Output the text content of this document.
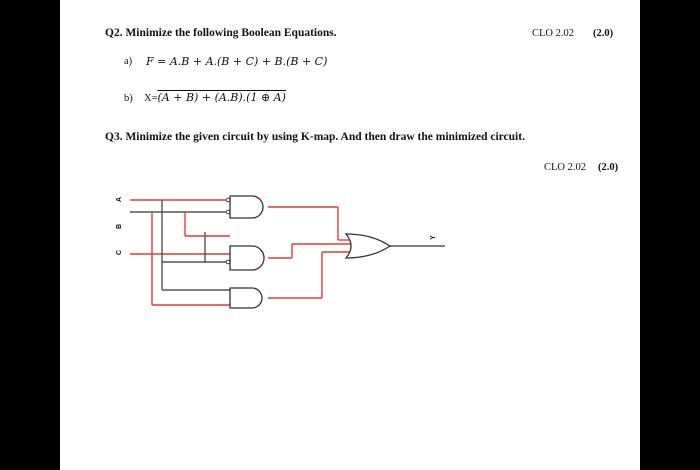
Q2. Minimize the following Boolean Equations.	CLO 2.02 (2.0)
a) F = A.B + A.(B + C) + B.(B + C)
b) X=(A + B) + (A.B).(1 ⊕ A)
Q3. Minimize the given circuit by using K-map. And then draw the minimized circuit.
CLO 2.02 (2.0)
A
B
C
Y
